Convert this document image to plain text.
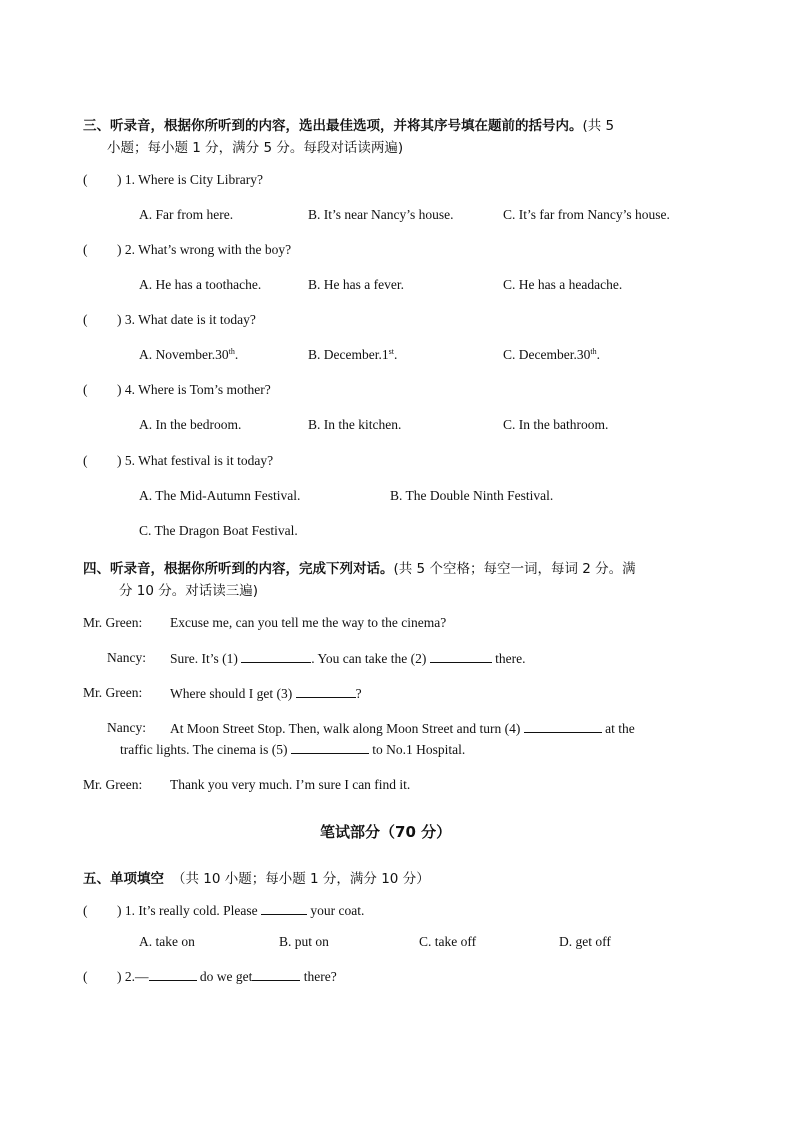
三、听录音，根据你所听到的内容，选出最佳选项，并将其序号填在题前的括号内。(共 5
小题；每小题 1 分，满分 5 分。每段对话读两遍)
( ) 1. Where is City Library?
A. Far from here.	B. It’s near Nancy’s house.	C. It’s far from Nancy’s house.
( ) 2. What’s wrong with the boy?
A. He has a toothache.	B. He has a fever.	C. He has a headache.
( ) 3. What date is it today?
A. November.30th.	B. December.1st.	C. December.30th.
( ) 4. Where is Tom’s mother?
A. In the bedroom.	B. In the kitchen.	C. In the bathroom.
( ) 5. What festival is it today?
A. The Mid-Autumn Festival.	B. The Double Ninth Festival.
C. The Dragon Boat Festival.
四、听录音，根据你所听到的内容，完成下列对话。(共 5 个空格；每空一词，每词 2 分。满
分 10 分。对话读三遍)
Mr. Green: Excuse me, can you tell me the way to the cinema?
Nancy: Sure. It’s (1)	. You can take the (2)	there.
Mr. Green: Where should I get (3)	?
Nancy: At Moon Street Stop. Then, walk along Moon Street and turn (4)	at the
traffic lights. The cinema is (5)	to No.1 Hospital.
Mr. Green: Thank you very much. I’m sure I can find it.
笔试部分（70 分）
五、单项填空 （共 10 小题；每小题 1 分，满分 10 分）
( ) 1. It’s really cold. Please	your coat.
A. take on	B. put on	C. take off	D. get off
( ) 2.—	do we get	there?
